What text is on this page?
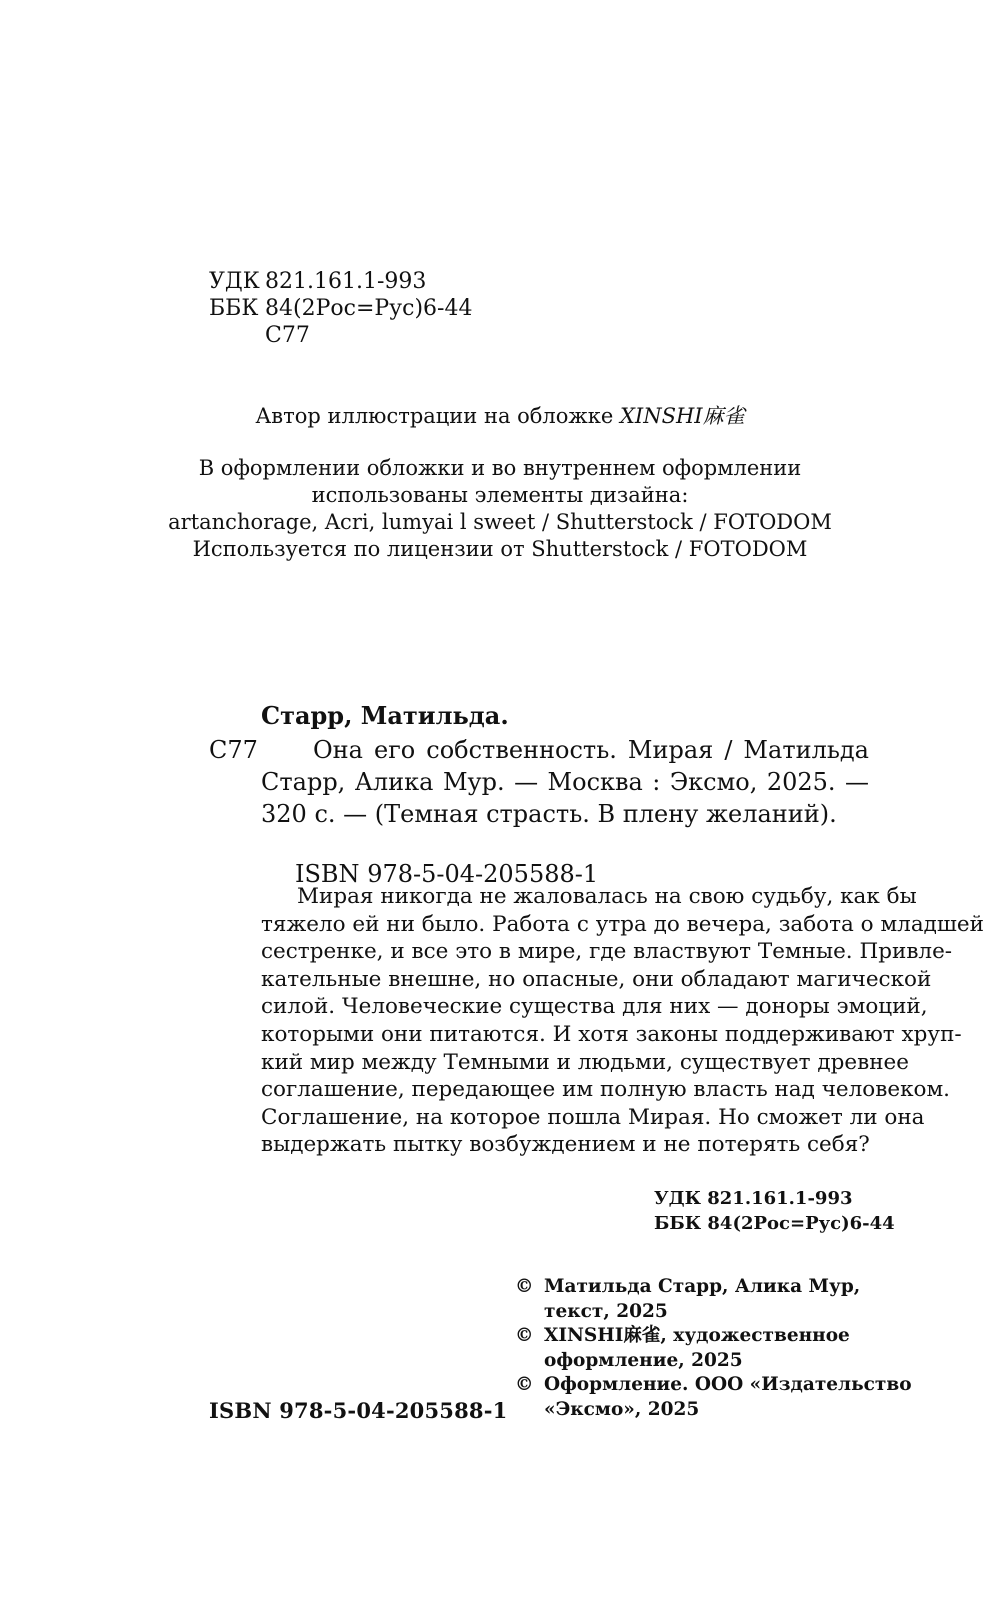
УДК 821.161.1-993
ББК 84(2Рос=Рус)6-44
С77
Автор иллюстрации на обложке XINSHI麻雀
В оформлении обложки и во внутреннем оформлении
использованы элементы дизайна:
artanchorage, Acri, lumyai l sweet / Shutterstock / FOTODOM
Используется по лицензии от Shutterstock / FOTODOM
Старр, Матильда.
С77	Она его собственность. Мирая / Матильда
Старр, Алика Мур. — Москва : Эксмо, 2025. —
320 с. — (Темная страсть. В плену желаний).
ISBN 978-5-04-205588-1
Мирая никогда не жаловалась на свою судьбу, как бы
тяжело ей ни было. Работа с утра до вечера, забота о младшей
сестренке, и все это в мире, где властвуют Темные. Привле-
кательные внешне, но опасные, они обладают магической
силой. Человеческие существа для них — доноры эмоций,
которыми они питаются. И хотя законы поддерживают хруп-
кий мир между Темными и людьми, существует древнее
соглашение, передающее им полную власть над человеком.
Соглашение, на которое пошла Мирая. Но сможет ли она
выдержать пытку возбуждением и не потерять себя?
УДК 821.161.1-993
ББК 84(2Рос=Рус)6-44
© Матильда Старр, Алика Мур,
текст, 2025
© XINSHI麻雀, художественное
оформление, 2025
© Оформление. ООО «Издательство
«Эксмо», 2025
ISBN 978-5-04-205588-1
